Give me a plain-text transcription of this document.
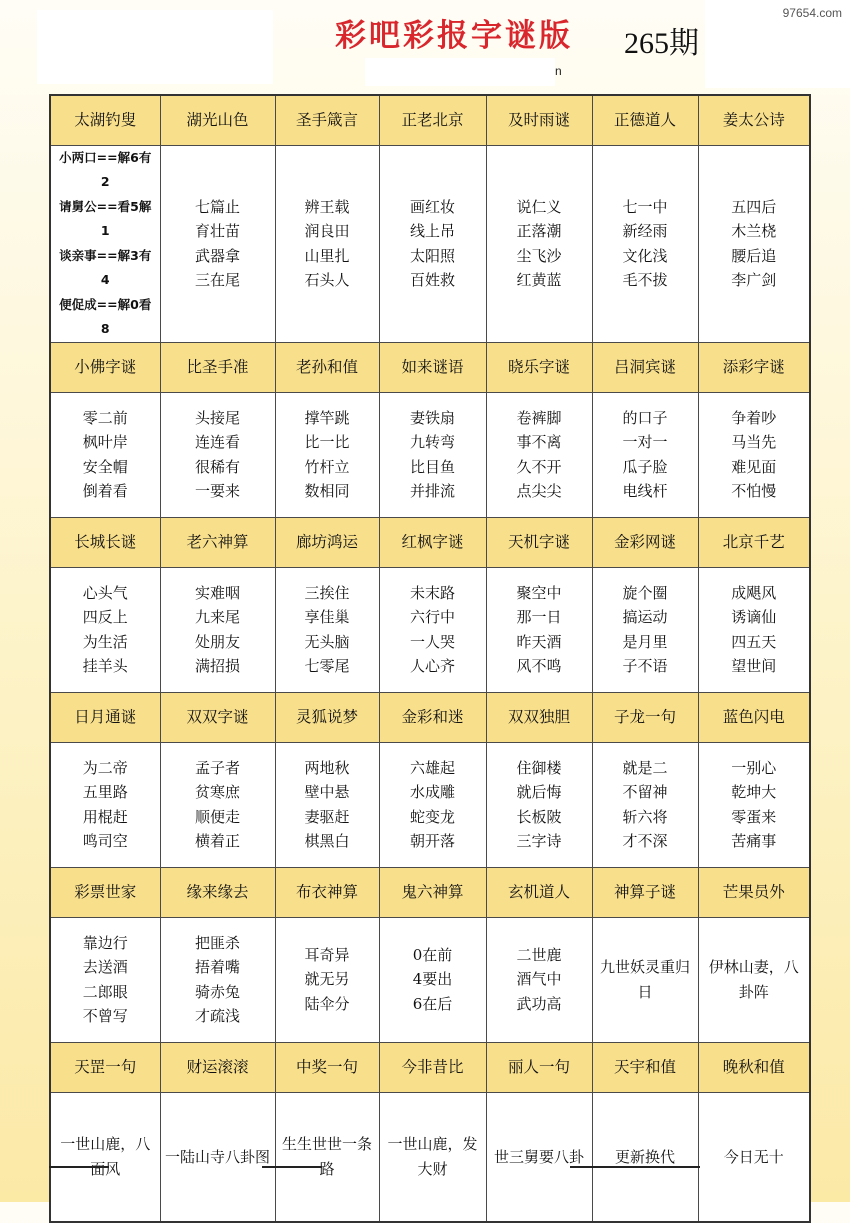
彩吧彩报字谜版 265期
97654.com
n
太湖钓叟	湖光山色	圣手箴言	正老北京	及时雨谜	正德道人	姜太公诗

小两口==解6有2
请舅公==看5解1
谈亲事==解3有4
便促成==解0看8	七篇止
育壮苗
武器拿
三在尾	辨王载
润良田
山里扎
石头人	画红妆
线上吊
太阳照
百姓救	说仁义
正落潮
尘飞沙
红黄蓝	七一中
新经雨
文化浅
毛不拔	五四后
木兰桡
腰后追
李广剑

小佛字谜	比圣手准	老孙和值	如来谜语	晓乐字谜	吕洞宾谜	添彩字谜

零二前
枫叶岸
安全帽
倒着看	头接尾
连连看
很稀有
一要来	撑竿跳
比一比
竹杆立
数相同	妻铁扇
九转弯
比目鱼
并排流	卷裤脚
事不离
久不开
点尖尖	的口子
一对一
瓜子脸
电线杆	争着吵
马当先
难见面
不怕慢

长城长谜	老六神算	廊坊鸿运	红枫字谜	天机字谜	金彩网谜	北京千艺

心头气
四反上
为生活
挂羊头	实难咽
九来尾
处朋友
满招损	三挨住
享佳巢
无头脑
七零尾	未末路
六行中
一人哭
人心齐	聚空中
那一日
昨天酒
风不鸣	旋个圈
搞运动
是月里
子不语	成飓风
诱谪仙
四五天
望世间

日月通谜	双双字谜	灵狐说梦	金彩和迷	双双独胆	子龙一句	蓝色闪电

为二帝
五里路
用棍赶
鸣司空	孟子者
贫寒庶
顺便走
横着正	两地秋
壁中悬
妻驱赶
棋黑白	六雄起
水成雕
蛇变龙
朝开落	住御楼
就后悔
长板陂
三字诗	就是二
不留神
斩六将
才不深	一别心
乾坤大
零蛋来
苦痛事

彩票世家	缘来缘去	布衣神算	鬼六神算	玄机道人	神算子谜	芒果员外

靠边行
去送酒
二郎眼
不曾写	把匪杀
捂着嘴
骑赤兔
才疏浅	耳奇异
就无另
陆伞分	0在前
4要出
6在后	二世鹿
酒气中
武功高	九世妖灵重归日	伊林山妻，八卦阵

天罡一句	财运滚滚	中奖一句	今非昔比	丽人一句	天宇和值	晚秋和值

一世山鹿，八面风	一陆山寺八卦图	生生世世一条路	一世山鹿，发大财	世三舅要八卦	更新换代	今日无十
